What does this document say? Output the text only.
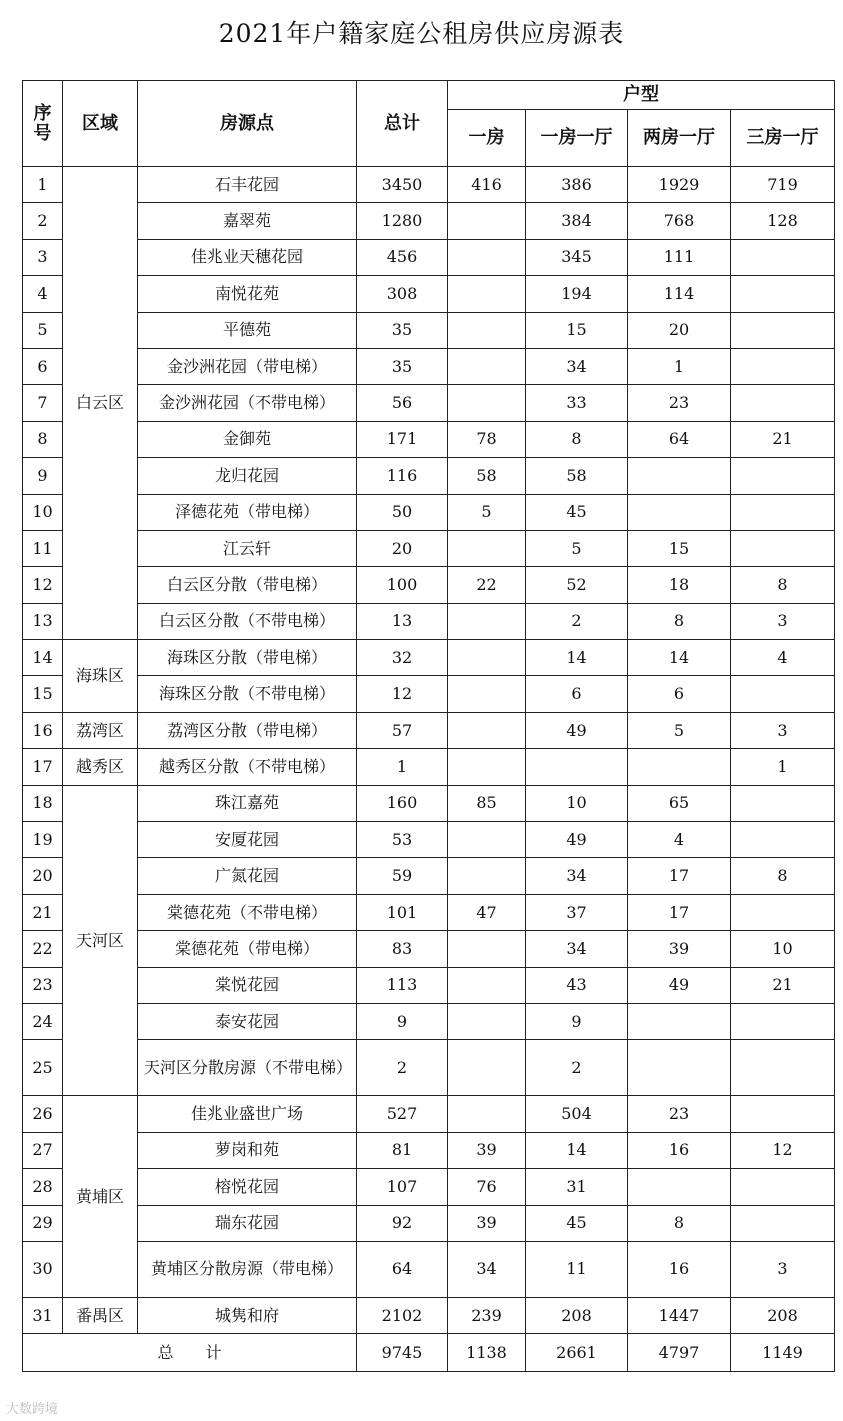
2021年户籍家庭公租房供应房源表
序
号	区域	房源点	总计	户型			
				一房	一房一厅	两房一厅	三房一厅
1	白云区	石丰花园	3450	416	386	1929	719
2		嘉翠苑	1280		384	768	128
3		佳兆业天穗花园	456		345	111	
4		南悦花苑	308		194	114	
5		平德苑	35		15	20	
6		金沙洲花园（带电梯）	35		34	1	
7		金沙洲花园（不带电梯）	56		33	23	
8		金御苑	171	78	8	64	21
9		龙归花园	116	58	58		
10		泽德花苑（带电梯）	50	5	45		
11		江云轩	20		5	15	
12		白云区分散（带电梯）	100	22	52	18	8
13		白云区分散（不带电梯）	13		2	8	3
14	海珠区	海珠区分散（带电梯）	32		14	14	4
15		海珠区分散（不带电梯）	12		6	6	
16	荔湾区	荔湾区分散（带电梯）	57		49	5	3
17	越秀区	越秀区分散（不带电梯）	1				1
18	天河区	珠江嘉苑	160	85	10	65	
19		安厦花园	53		49	4	
20		广氮花园	59		34	17	8
21		棠德花苑（不带电梯）	101	47	37	17	
22		棠德花苑（带电梯）	83		34	39	10
23		棠悦花园	113		43	49	21
24		泰安花园	9		9		
25		天河区分散房源（不带电梯）	2		2		
26	黄埔区	佳兆业盛世广场	527		504	23	
27		萝岗和苑	81	39	14	16	12
28		榕悦花园	107	76	31		
29		瑞东花园	92	39	45	8	
30		黄埔区分散房源（带电梯）	64	34	11	16	3
31	番禺区	城隽和府	2102	239	208	1447	208
总　　计			9745	1138	2661	4797	1149
大数跨境
